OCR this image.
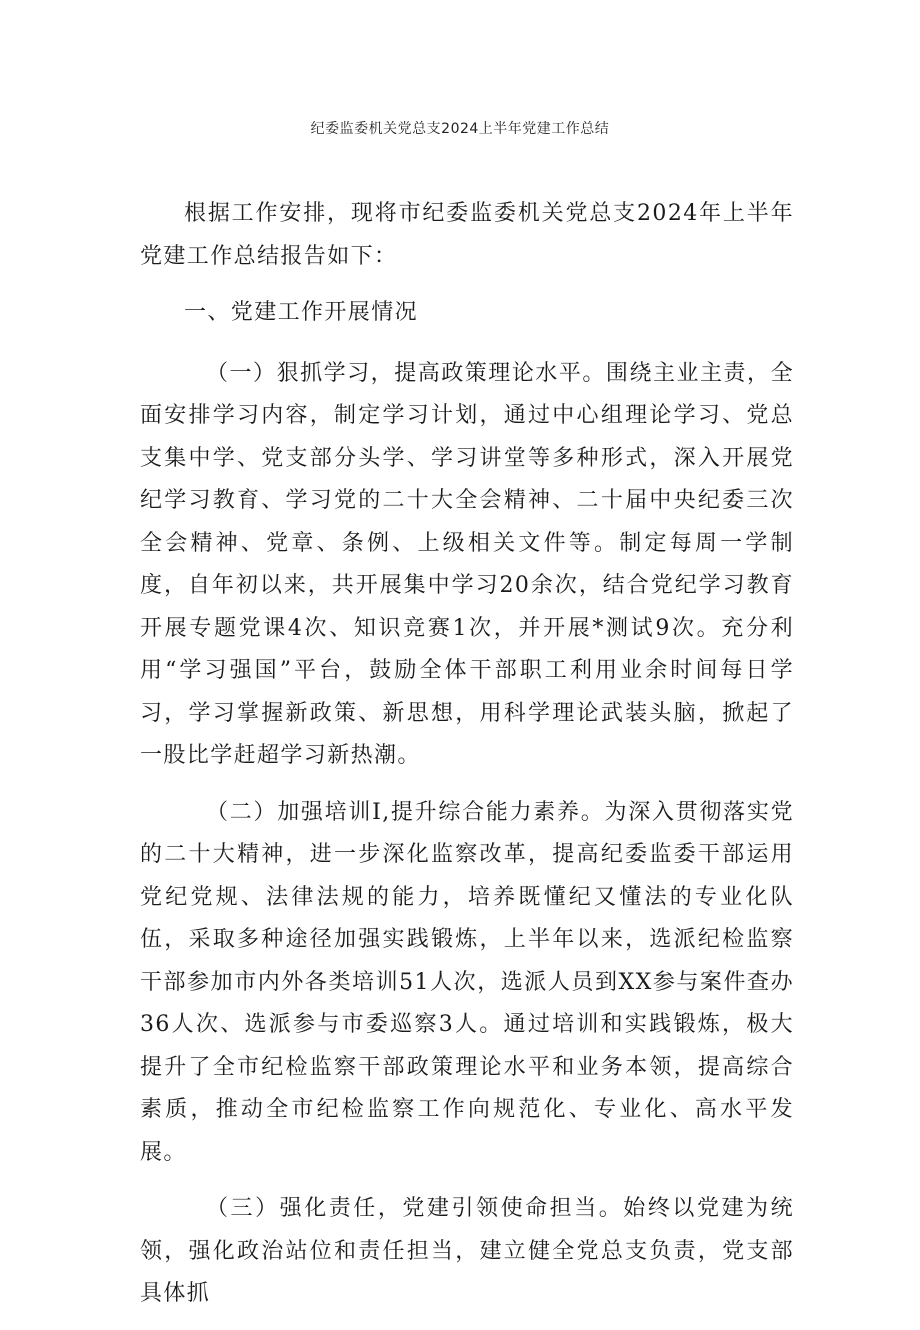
纪委监委机关党总支2024上半年党建工作总结

根据工作安排，现将市纪委监委机关党总支2024年上半年党建工作总结报告如下：

一、党建工作开展情况

（一）狠抓学习，提高政策理论水平。围绕主业主责，全面安排学习内容，制定学习计划，通过中心组理论学习、党总支集中学、党支部分头学、学习讲堂等多种形式，深入开展党纪学习教育、学习党的二十大全会精神、二十届中央纪委三次全会精神、党章、条例、上级相关文件等。制定每周一学制度，自年初以来，共开展集中学习20余次，结合党纪学习教育开展专题党课4次、知识竞赛1次，并开展*测试9次。充分利用“学习强国”平台，鼓励全体干部职工利用业余时间每日学习，学习掌握新政策、新思想，用科学理论武装头脑，掀起了一股比学赶超学习新热潮。

（二）加强培训I,提升综合能力素养。为深入贯彻落实党的二十大精神，进一步深化监察改革，提高纪委监委干部运用党纪党规、法律法规的能力，培养既懂纪又懂法的专业化队伍，采取多种途径加强实践锻炼，上半年以来，选派纪检监察干部参加市内外各类培训51人次，选派人员到XX参与案件查办36人次、选派参与市委巡察3人。通过培训和实践锻炼，极大提升了全市纪检监察干部政策理论水平和业务本领，提高综合素质，推动全市纪检监察工作向规范化、专业化、高水平发展。

（三）强化责任，党建引领使命担当。始终以党建为统领，强化政治站位和责任担当，建立健全党总支负责，党支部具体抓
